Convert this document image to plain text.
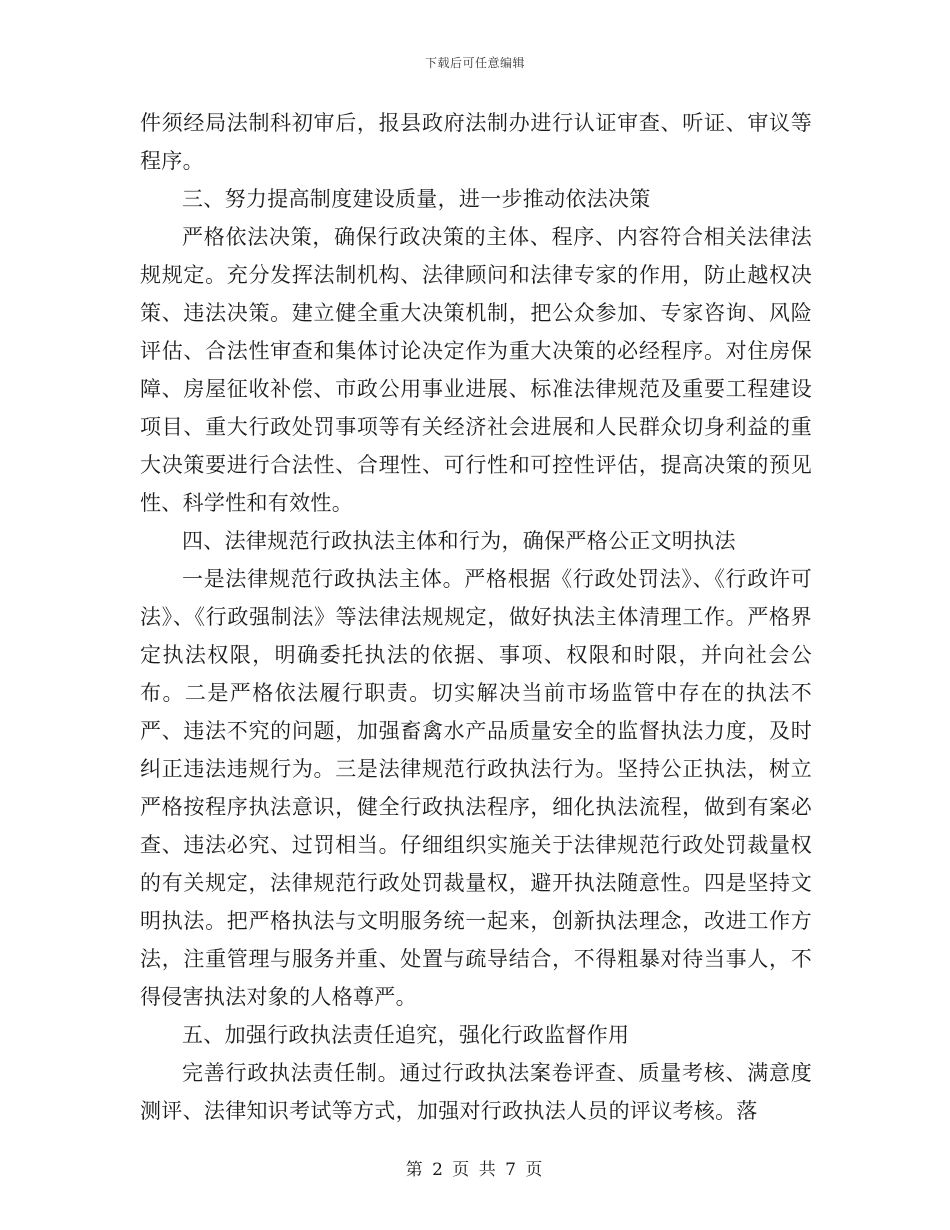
下载后可任意编辑

件须经局法制科初审后，报县政府法制办进行认证审查、听证、审议等程序。

三、努力提高制度建设质量，进一步推动依法决策

严格依法决策，确保行政决策的主体、程序、内容符合相关法律法规规定。充分发挥法制机构、法律顾问和法律专家的作用，防止越权决策、违法决策。建立健全重大决策机制，把公众参加、专家咨询、风险评估、合法性审查和集体讨论决定作为重大决策的必经程序。对住房保障、房屋征收补偿、市政公用事业进展、标准法律规范及重要工程建设项目、重大行政处罚事项等有关经济社会进展和人民群众切身利益的重大决策要进行合法性、合理性、可行性和可控性评估，提高决策的预见性、科学性和有效性。

四、法律规范行政执法主体和行为，确保严格公正文明执法

一是法律规范行政执法主体。严格根据《行政处罚法》、《行政许可法》、《行政强制法》等法律法规规定，做好执法主体清理工作。严格界定执法权限，明确委托执法的依据、事项、权限和时限，并向社会公布。二是严格依法履行职责。切实解决当前市场监管中存在的执法不严、违法不究的问题，加强畜禽水产品质量安全的监督执法力度，及时纠正违法违规行为。三是法律规范行政执法行为。坚持公正执法，树立严格按程序执法意识，健全行政执法程序，细化执法流程，做到有案必查、违法必究、过罚相当。仔细组织实施关于法律规范行政处罚裁量权的有关规定，法律规范行政处罚裁量权，避开执法随意性。四是坚持文明执法。把严格执法与文明服务统一起来，创新执法理念，改进工作方法，注重管理与服务并重、处置与疏导结合，不得粗暴对待当事人，不得侵害执法对象的人格尊严。

五、加强行政执法责任追究，强化行政监督作用

完善行政执法责任制。通过行政执法案卷评查、质量考核、满意度测评、法律知识考试等方式，加强对行政执法人员的评议考核。落

第 2 页 共 7 页
